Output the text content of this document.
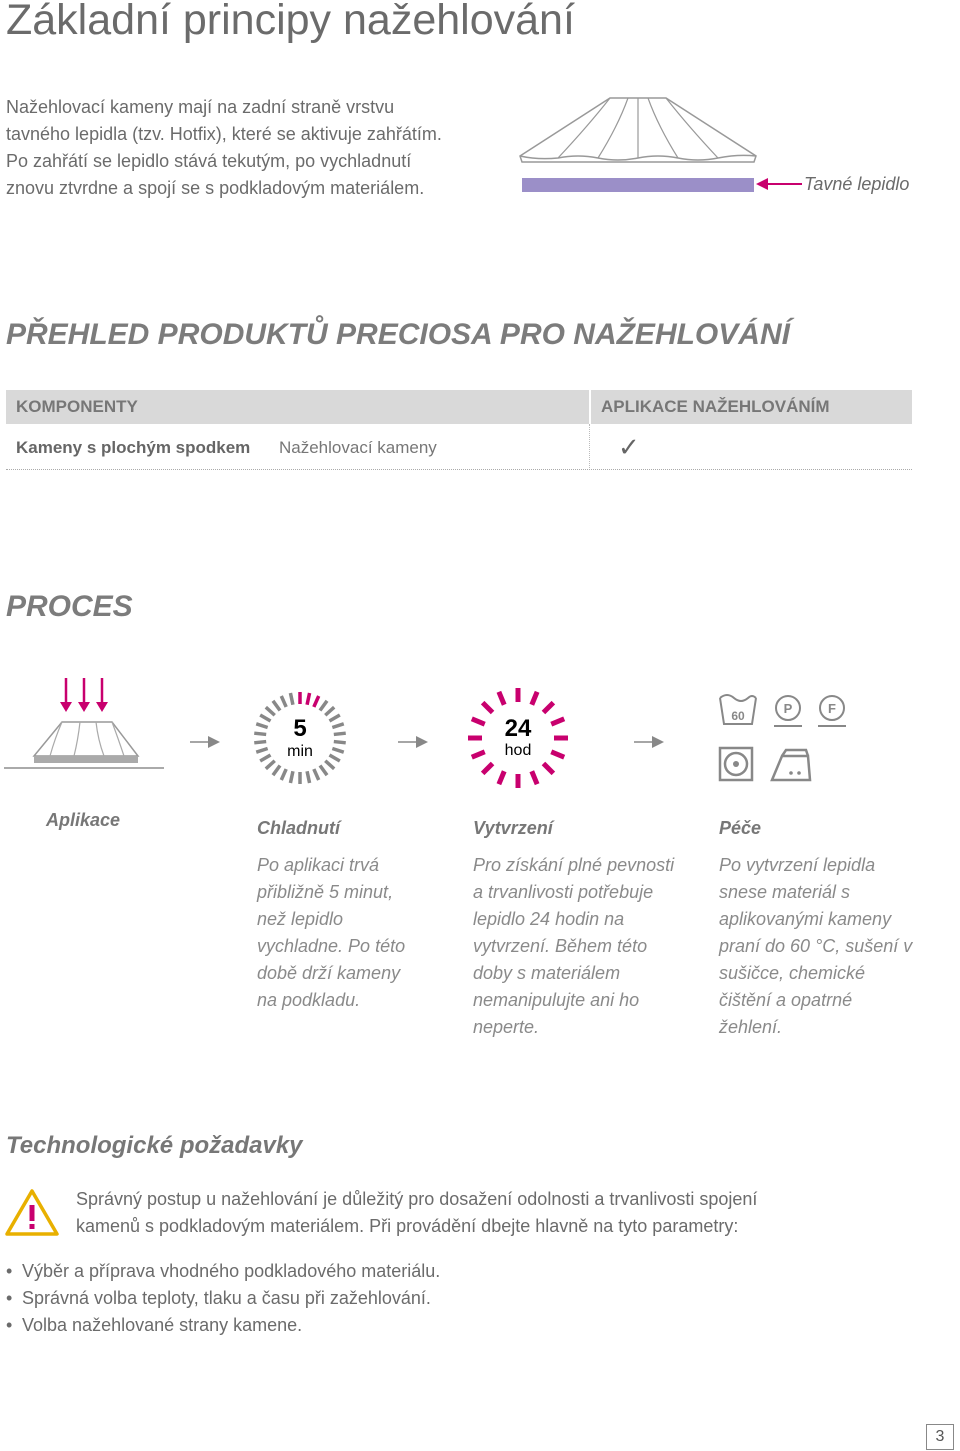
Základní principy nažehlování

Nažehlovací kameny mají na zadní straně vrstvu tavného lepidla (tzv. Hotfix), které se aktivuje zahřátím. Po zahřátí se lepidlo stává tekutým, po vychladnutí znovu ztvrdne a spojí se s podkladovým materiálem.	Tavné lepidlo
PŘEHLED PRODUKTŮ PRECIOSA PRO NAŽEHLOVÁNÍ
KOMPONENTY	APLIKACE NAŽEHLOVÁNÍM
Kameny s plochým spodkem Nažehlovací kameny	✓
PROCES
5
min
24
hod
60	P	F
Aplikace	Chladnutí	Vytvrzení	Péče

Po aplikaci trvá přibližně 5 minut, než lepidlo vychladne. Po této době drží kameny na podkladu.

Pro získání plné pevnosti a trvanlivosti potřebuje lepidlo 24 hodin na vytvrzení. Během této doby s materiálem nemanipulujte ani ho neperte.

Po vytvrzení lepidla snese materiál s aplikovanými kameny praní do 60 °C, sušení v sušičce, chemické čištění a opatrné žehlení.

Technologické požadavky

Správný postup u nažehlování je důležitý pro dosažení odolnosti a trvanlivosti spojení kamenů s podkladovým materiálem. Při provádění dbejte hlavně na tyto parametry:

• Výběr a příprava vhodného podkladového materiálu.
• Správná volba teploty, tlaku a času při zažehlování.
• Volba nažehlované strany kamene.
3
